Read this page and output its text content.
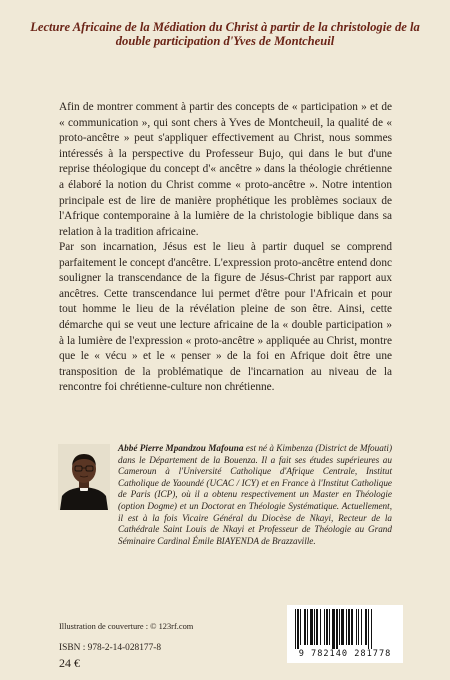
Lecture Africaine de la Médiation du Christ à partir de la christologie de la double participation d'Yves de Montcheuil

Afin de montrer comment à partir des concepts de « participation » et de « communication », qui sont chers à Yves de Montcheuil, la qualité de « proto-ancêtre » peut s'appliquer effectivement au Christ, nous sommes intéressés à la perspective du Professeur Bujo, qui dans le but d'une reprise théologique du concept d'« ancêtre » dans la théologie chrétienne a élaboré la notion du Christ comme « proto-ancêtre ». Notre intention principale est de lire de manière prophétique les problèmes sociaux de l'Afrique contemporaine à la lumière de la christologie biblique dans sa relation à la tradition africaine.

Par son incarnation, Jésus est le lieu à partir duquel se comprend parfaitement le concept d'ancêtre. L'expression proto-ancêtre entend donc souligner la transcendance de la figure de Jésus-Christ par rapport aux ancêtres. Cette transcendance lui permet d'être pour l'Africain et pour tout homme le lieu de la révélation pleine de son être. Ainsi, cette démarche qui se veut une lecture africaine de la « double participation » à la lumière de l'expression « proto-ancêtre » appliquée au Christ, montre que le « vécu » et le « penser » de la foi en Afrique doit être une transposition de la problématique de l'incarnation au niveau de la rencontre foi chrétienne-culture non chrétienne.

Abbé Pierre Mpandzou Mafouna est né à Kimbenza (District de Mfouati) dans le Département de la Bouenza. Il a fait ses études supérieures au Cameroun à l'Université Catholique d'Afrique Centrale, Institut Catholique de Yaoundé (UCAC / ICY) et en France à l'Institut Catholique de Paris (ICP), où il a obtenu respectivement un Master en Théologie (option Dogme) et un Doctorat en Théologie Systématique. Actuellement, il est à la fois Vicaire Général du Diocèse de Nkayi, Recteur de la Cathédrale Saint Louis de Nkayi et Professeur de Théologie au Grand Séminaire Cardinal Émile BIAYENDA de Brazzaville.

Illustration de couverture : © 123rf.com
ISBN : 978-2-14-028177-8
24 €
9 782140 281778
